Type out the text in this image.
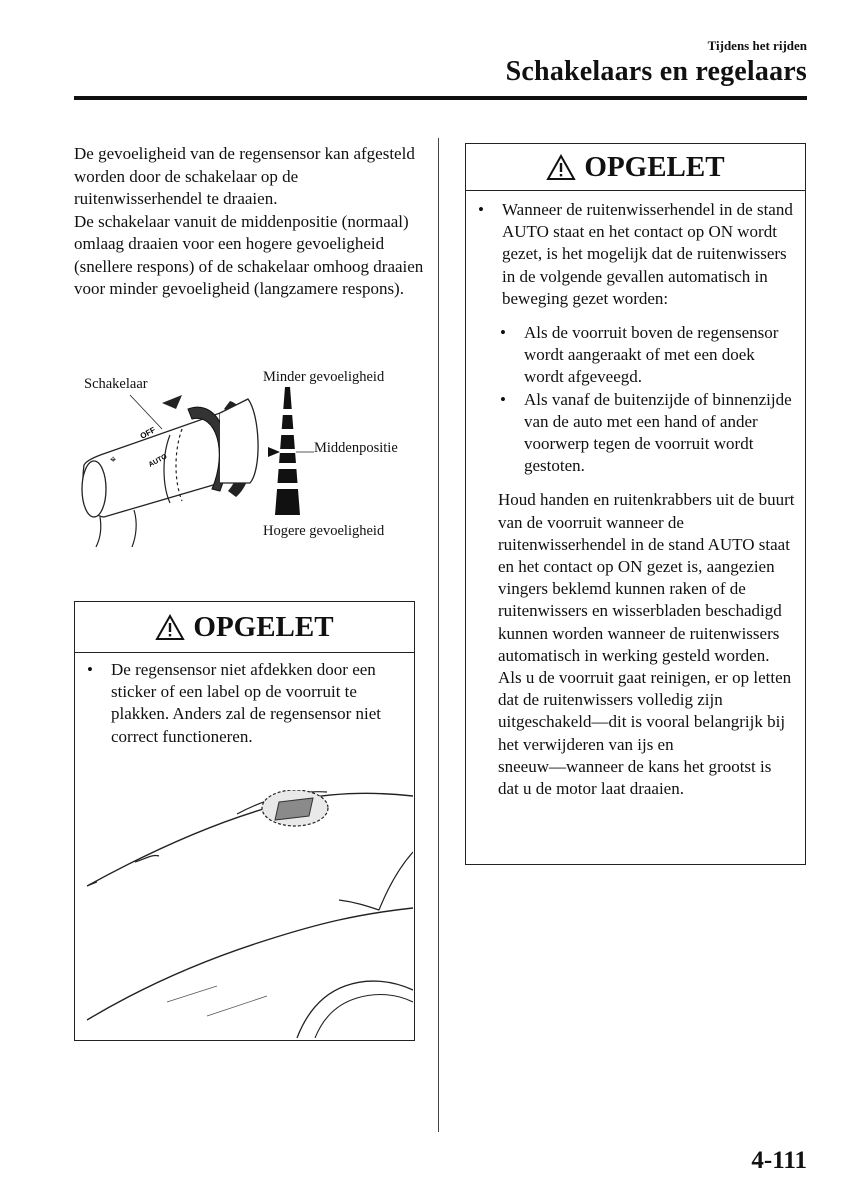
Tijdens het rijden
Schakelaars en regelaars

De gevoeligheid van de regensensor kan afgesteld worden door de schakelaar op de ruitenwisserhendel te draaien.

De schakelaar vanuit de middenpositie (normaal) omlaag draaien voor een hogere gevoeligheid (snellere respons) of de schakelaar omhoog draaien voor minder gevoeligheid (langzamere respons).

⌖
OFF
AUTO
Schakelaar	Minder gevoeligheid
Middenpositie
Hogere gevoeligheid
OPGELET
•	De regensensor niet afdekken door een sticker of een label op de voorruit te plakken. Anders zal de regensensor niet correct functioneren.
OPGELET
•	Wanneer de ruitenwisserhendel in de stand AUTO staat en het contact op ON wordt gezet, is het mogelijk dat de ruitenwissers in de volgende gevallen automatisch in beweging gezet worden:
•	Als de voorruit boven de regensensor wordt aangeraakt of met een doek wordt afgeveegd.
•	Als vanaf de buitenzijde of binnenzijde van de auto met een hand of ander voorwerp tegen de voorruit wordt gestoten.
Houd handen en ruitenkrabbers uit de buurt van de voorruit wanneer de ruitenwisserhendel in de stand AUTO staat en het contact op ON gezet is, aangezien vingers beklemd kunnen raken of de ruitenwissers en wisserbladen beschadigd kunnen worden wanneer de ruitenwissers automatisch in werking gesteld worden.
Als u de voorruit gaat reinigen, er op letten dat de ruitenwissers volledig zijn uitgeschakeld―dit is vooral belangrijk bij het verwijderen van ijs en sneeuw―wanneer de kans het grootst is dat u de motor laat draaien.
4-111
